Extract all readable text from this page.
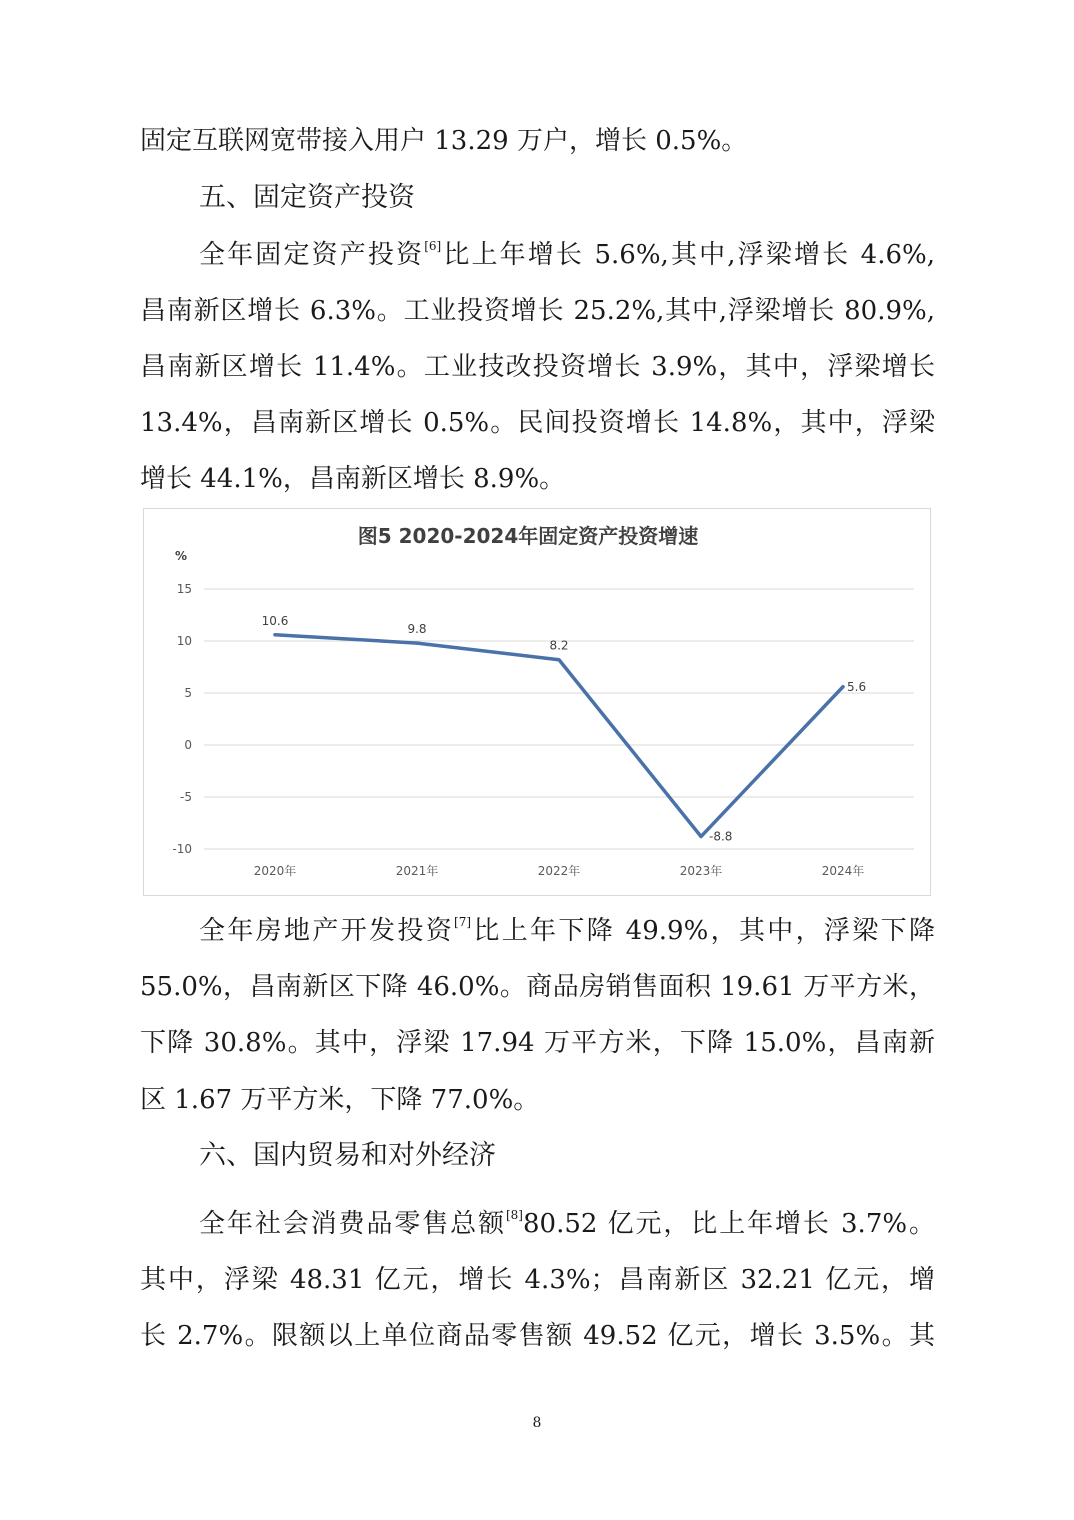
固定互联网宽带接入用户 13.29 万户，增长 0.5%。

五、固定资产投资

全年固定资产投资[6]比上年增长 5.6%,其中,浮梁增长 4.6%,

昌南新区增长 6.3%。工业投资增长 25.2%,其中,浮梁增长 80.9%,

昌南新区增长 11.4%。工业技改投资增长 3.9%，其中，浮梁增长

13.4%，昌南新区增长 0.5%。民间投资增长 14.8%，其中，浮梁

增长 44.1%，昌南新区增长 8.9%。

图5 2020-2024年固定资产投资增速
%
15
10
5
0
-5
-10
2020年	2021年	2022年	2023年	2024年
10.6
9.8
8.2
-8.8
5.6

全年房地产开发投资[7]比上年下降 49.9%，其中，浮梁下降

55.0%，昌南新区下降 46.0%。商品房销售面积 19.61 万平方米，

下降 30.8%。其中，浮梁 17.94 万平方米，下降 15.0%，昌南新

区 1.67 万平方米，下降 77.0%。

六、国内贸易和对外经济

全年社会消费品零售总额[8]80.52 亿元，比上年增长 3.7%。

其中，浮梁 48.31 亿元，增长 4.3%；昌南新区 32.21 亿元，增

长 2.7%。限额以上单位商品零售额 49.52 亿元，增长 3.5%。其

8
